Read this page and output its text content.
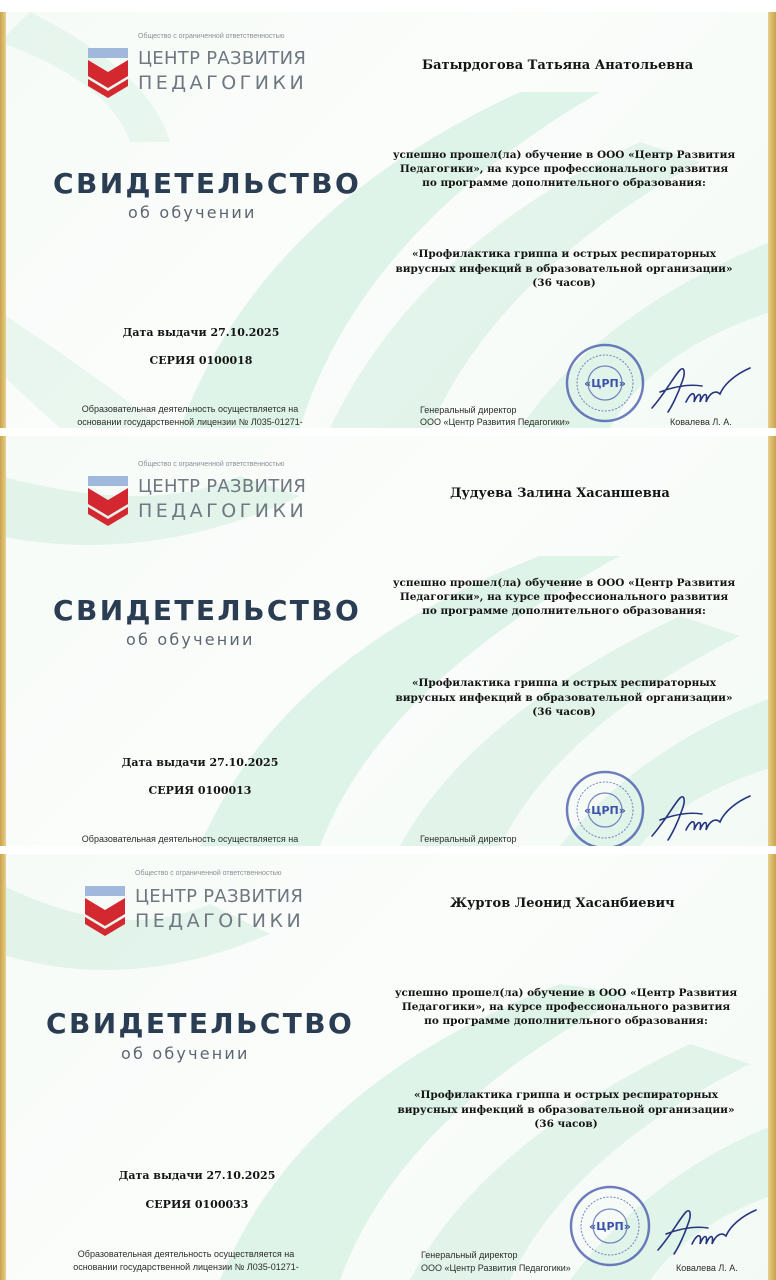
Общество с ограниченной ответственностью
ЦЕНТР РАЗВИТИЯ
ПЕДАГОГИКИ
СВИДЕТЕЛЬСТВО
об обучении
Батырдогова Татьяна Анатольевна
успешно прошел(ла) обучение в ООО «Центр Развития
Педагогики», на курсе профессионального развития
по программе дополнительного образования:
«Профилактика гриппа и острых респираторных
вирусных инфекций в образовательной организации»
(36 часов)
Дата выдачи 27.10.2025
СЕРИЯ 0100018
Образовательная деятельность осуществляется на
основании государственной лицензии № Л035-01271-
Генеральный директор
ООО «Центр Развития Педагогики»	Ковалева Л. А.
«ЦРП»
Общество с ограниченной ответственностью
ЦЕНТР РАЗВИТИЯ
ПЕДАГОГИКИ
СВИДЕТЕЛЬСТВО
об обучении
Дудуева Залина Хасаншевна
успешно прошел(ла) обучение в ООО «Центр Развития
Педагогики», на курсе профессионального развития
по программе дополнительного образования:
«Профилактика гриппа и острых респираторных
вирусных инфекций в образовательной организации»
(36 часов)
Дата выдачи 27.10.2025
СЕРИЯ 0100013
Образовательная деятельность осуществляется на	Генеральный директор
«ЦРП»
Общество с ограниченной ответственностью
ЦЕНТР РАЗВИТИЯ
ПЕДАГОГИКИ
СВИДЕТЕЛЬСТВО
об обучении
Журтов Леонид Хасанбиевич
успешно прошел(ла) обучение в ООО «Центр Развития
Педагогики», на курсе профессионального развития
по программе дополнительного образования:
«Профилактика гриппа и острых респираторных
вирусных инфекций в образовательной организации»
(36 часов)
Дата выдачи 27.10.2025
СЕРИЯ 0100033
Образовательная деятельность осуществляется на
основании государственной лицензии № Л035-01271-
Генеральный директор
ООО «Центр Развития Педагогики»	Ковалева Л. А.
«ЦРП»
